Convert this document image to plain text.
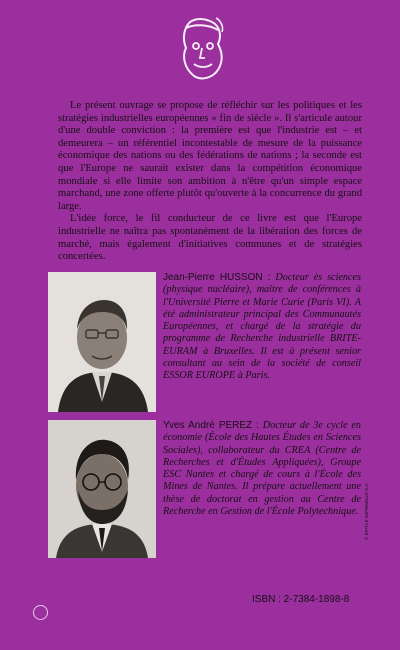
Le présent ouvrage se propose de réfléchir sur les politiques et les stratégies industrielles européennes « fin de siècle ». Il s'articule autour d'une double conviction : la première est que l'industrie est – et demeurera – un référentiel incontestable de mesure de la puissance économique des nations ou des fédérations de nations ; la seconde est que l'Europe ne saurait exister dans la compétition économique mondiale si elle limite son ambition à n'être qu'un simple espace marchand, une zone offerte plutôt qu'ouverte à la concurrence du grand large.

L'idée force, le fil conducteur de ce livre est que l'Europe industrielle ne naîtra pas spontanément de la libération des forces de marché, mais également d'initiatives communes et de stratégies concertées.

Jean-Pierre HUSSON : Docteur ès sciences (physique nucléaire), maître de conférences à l'Université Pierre et Marie Curie (Paris VI). A été administrateur principal des Communautés Européennes, et chargé de la stratégie du programme de Recherche industrielle BRITE-EURAM à Bruxelles. Il est à présent senior consultant au sein de la société de conseil ESSOR EUROPE à Paris.
Yves André PEREZ : Docteur de 3e cycle en économie (École des Hautes Études en Sciences Sociales), collaborateur du CREA (Centre de Recherches et d'Études Appliquées), Groupe ESC Nantes et chargé de cours à l'École des Mines de Nantes. Il prépare actuellement une thèse de doctorat en gestion au Centre de Recherche en Gestion de l'École Polytechnique.
ISBN : 2-7384-1898-8
© EFFICE IMPRIMEUR S.A.
